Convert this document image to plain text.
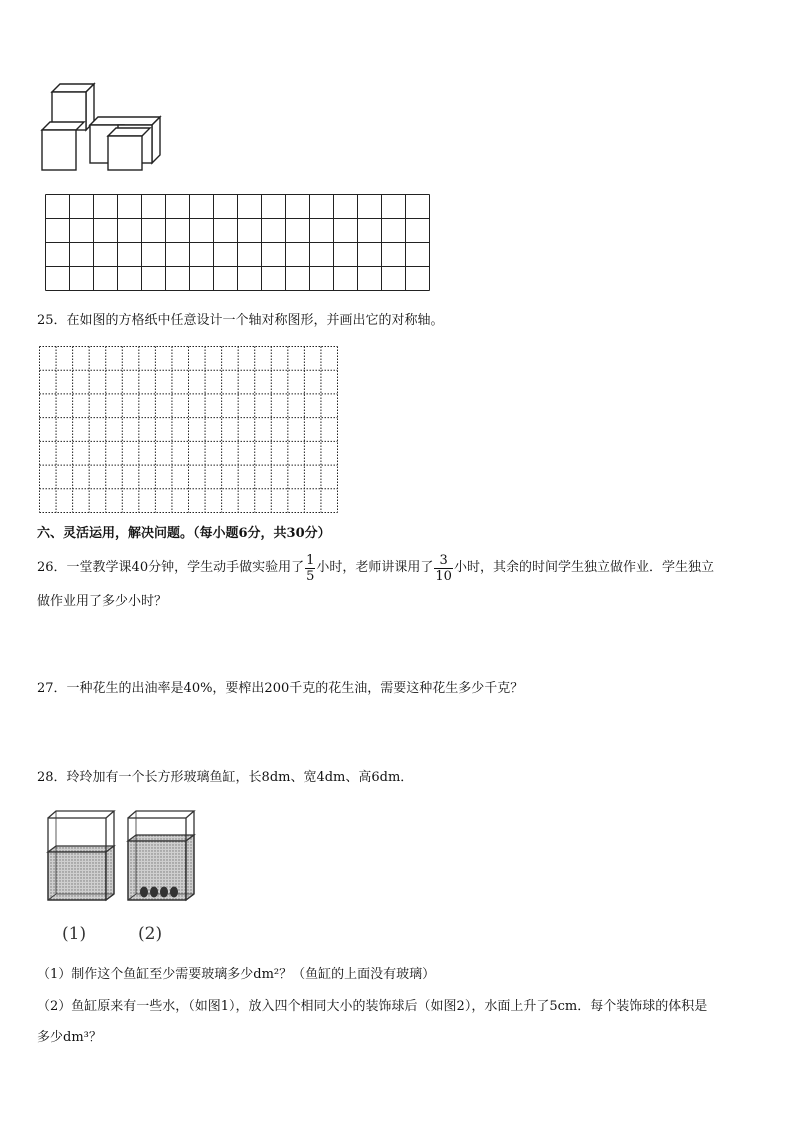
25．在如图的方格纸中任意设计一个轴对称图形，并画出它的对称轴。
六、灵活运用，解决问题。（每小题6分，共30分）
26．一堂教学课40分钟，学生动手做实验用了 $\frac{1}{5}$ 小时，老师讲课用了 $\frac{3}{10}$ 小时，其余的时间学生独立做作业．学生独立
做作业用了多少小时？
27．一种花生的出油率是40%，要榨出200千克的花生油，需要这种花生多少千克？
28．玲玲加有一个长方形玻璃鱼缸，长8dm、宽4dm、高6dm．
(1)	(2)
（1）制作这个鱼缸至少需要玻璃多少dm²？（鱼缸的上面没有玻璃）
（2）鱼缸原来有一些水，（如图1），放入四个相同大小的装饰球后（如图2），水面上升了5cm．每个装饰球的体积是
多少dm³？
